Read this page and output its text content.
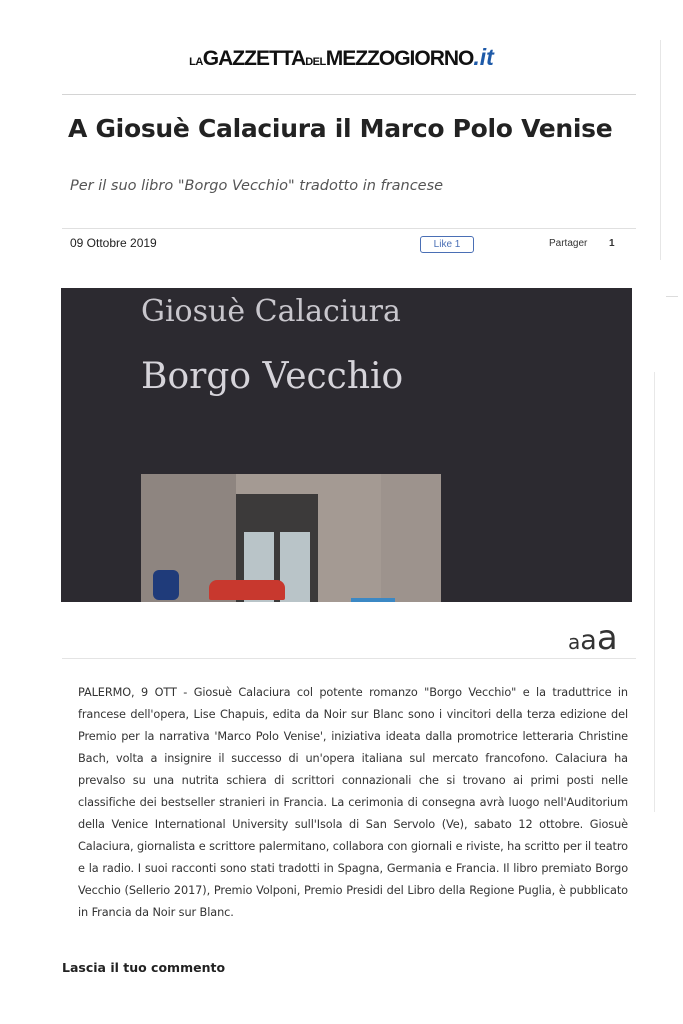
LAGAZZETTADELMEZZOGIORNO.it
A Giosuè Calaciura il Marco Polo Venise
Per il suo libro "Borgo Vecchio" tradotto in francese
09 Ottobre 2019	Like 1	Partager 1
Giosuè Calaciura
Borgo Vecchio
aaa
PALERMO, 9 OTT - Giosuè Calaciura col potente romanzo "Borgo Vecchio" e la traduttrice in francese dell'opera, Lise Chapuis, edita da Noir sur Blanc sono i vincitori della terza edizione del Premio per la narrativa 'Marco Polo Venise', iniziativa ideata dalla promotrice letteraria Christine Bach, volta a insignire il successo di un'opera italiana sul mercato francofono. Calaciura ha prevalso su una nutrita schiera di scrittori connazionali che si trovano ai primi posti nelle classifiche dei bestseller stranieri in Francia. La cerimonia di consegna avrà luogo nell'Auditorium della Venice International University sull'Isola di San Servolo (Ve), sabato 12 ottobre. Giosuè Calaciura, giornalista e scrittore palermitano, collabora con giornali e riviste, ha scritto per il teatro e la radio. I suoi racconti sono stati tradotti in Spagna, Germania e Francia. Il libro premiato Borgo Vecchio (Sellerio 2017), Premio Volponi, Premio Presidi del Libro della Regione Puglia, è pubblicato in Francia da Noir sur Blanc.
Lascia il tuo commento
